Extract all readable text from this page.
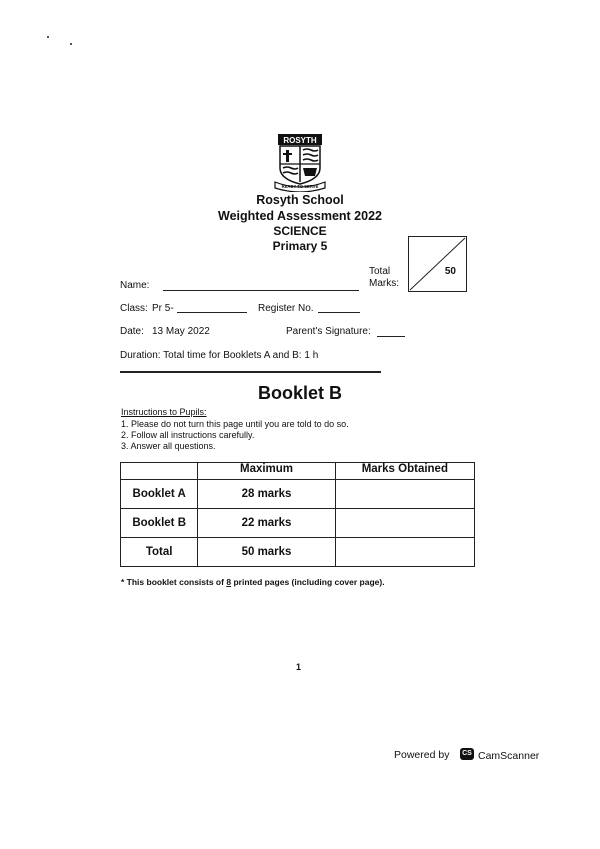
ROSYTH
READY TO SERVE
Rosyth School
Weighted Assessment 2022
SCIENCE
Primary 5
Total
Marks:
50
Name:
Class: Pr 5-	Register No.
Date: 13 May 2022	Parent's Signature:
Duration: Total time for Booklets A and B: 1 h
Booklet B
Instructions to Pupils:
1. Please do not turn this page until you are told to do so.
2. Follow all instructions carefully.
3. Answer all questions.
	Maximum	Marks Obtained
Booklet A	28 marks	
Booklet B	22 marks	
Total	50 marks	
* This booklet consists of 8 printed pages (including cover page).
1
Powered by	CS CamScanner
